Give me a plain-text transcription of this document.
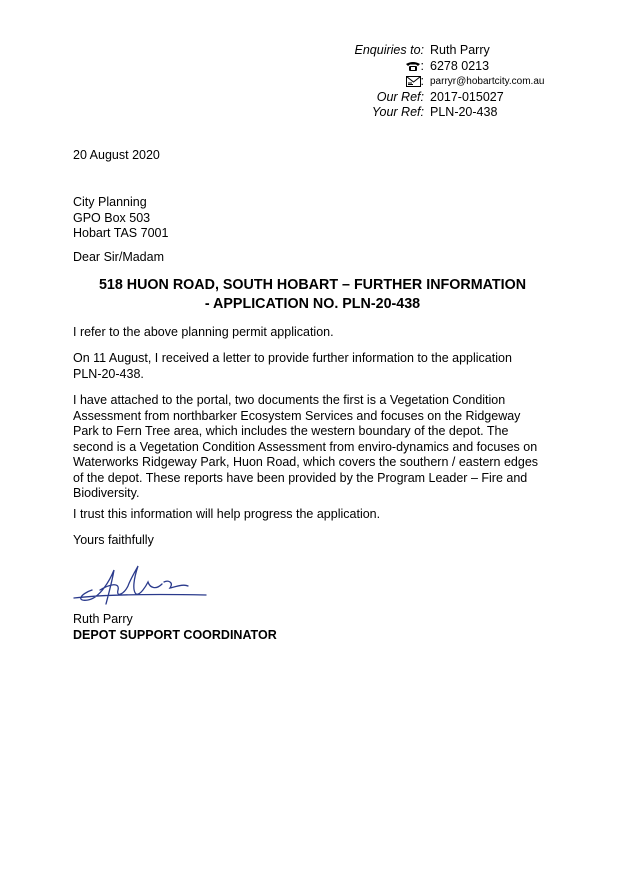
Enquiries to: Ruth Parry
: 6278 0213
: parryr@hobartcity.com.au
Our Ref: 2017-015027
Your Ref: PLN-20-438
20 August 2020
City Planning
GPO Box 503
Hobart TAS 7001
Dear Sir/Madam
518 HUON ROAD, SOUTH HOBART – FURTHER INFORMATION
- APPLICATION NO. PLN-20-438
I refer to the above planning permit application.
On 11 August, I received a letter to provide further information to the application
PLN-20-438.
I have attached to the portal, two documents the first is a Vegetation Condition
Assessment from northbarker Ecosystem Services and focuses on the Ridgeway
Park to Fern Tree area, which includes the western boundary of the depot. The
second is a Vegetation Condition Assessment from enviro-dynamics and focuses on
Waterworks Ridgeway Park, Huon Road, which covers the southern / eastern edges
of the depot. These reports have been provided by the Program Leader – Fire and
Biodiversity.
I trust this information will help progress the application.
Yours faithfully
Ruth Parry
DEPOT SUPPORT COORDINATOR
